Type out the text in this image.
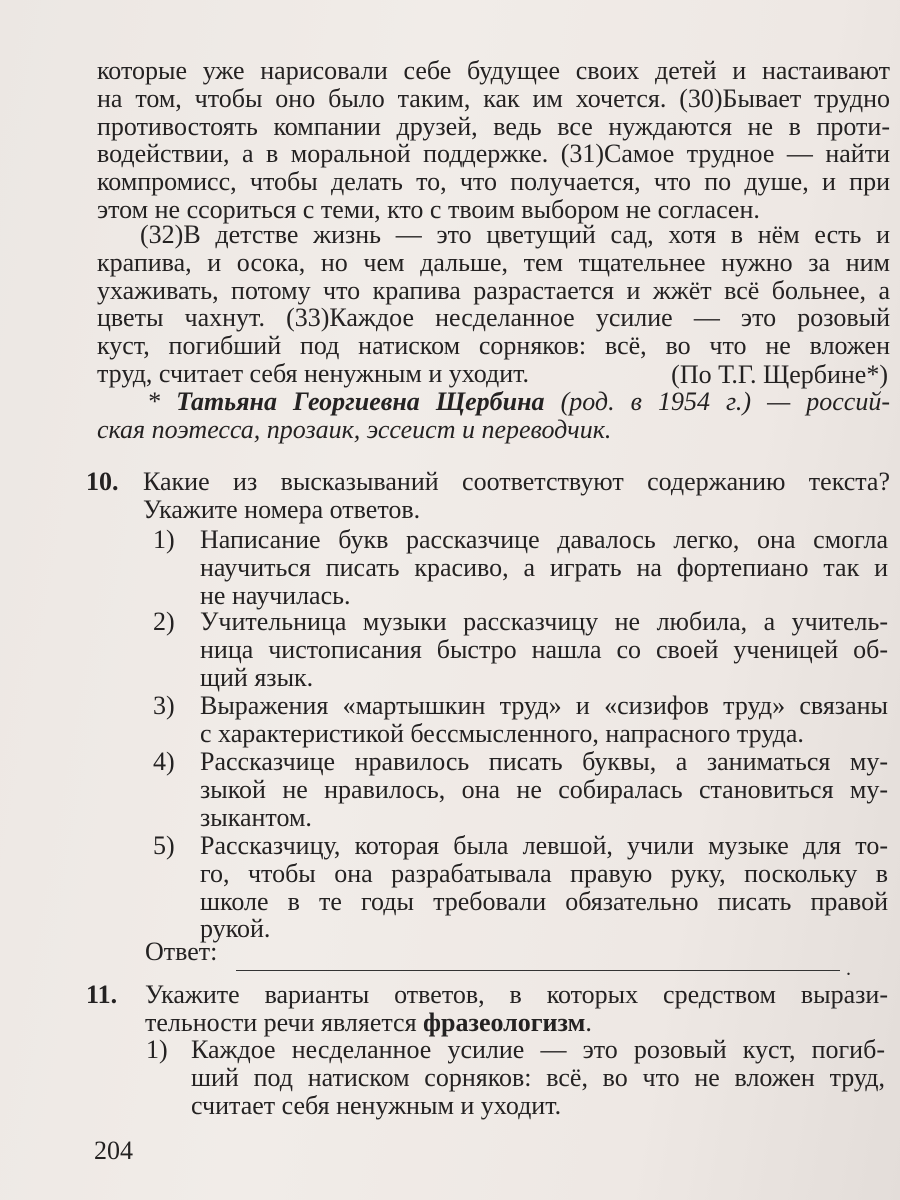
которые уже нарисовали себе будущее своих детей и настаивают
на том, чтобы оно было таким, как им хочется. (30)Бывает трудно
противостоять компании друзей, ведь все нуждаются не в проти-
водействии, а в моральной поддержке. (31)Самое трудное — найти
компромисс, чтобы делать то, что получается, что по душе, и при
этом не ссориться с теми, кто с твоим выбором не согласен.
(32)В детстве жизнь — это цветущий сад, хотя в нём есть и
крапива, и осока, но чем дальше, тем тщательнее нужно за ним
ухаживать, потому что крапива разрастается и жжёт всё больнее, а
цветы чахнут. (33)Каждое несделанное усилие — это розовый
куст, погибший под натиском сорняков: всё, во что не вложен
труд, считает себя ненужным и уходит.	(По Т.Г. Щербине*)
* Татьяна Георгиевна Щербина (род. в 1954 г.) — россий-
ская поэтесса, прозаик, эссеист и переводчик.
10. Какие из высказываний соответствуют содержанию текста?
Укажите номера ответов.
1) Написание букв рассказчице давалось легко, она смогла
научиться писать красиво, а играть на фортепиано так и
не научилась.
2) Учительница музыки рассказчицу не любила, а учитель-
ница чистописания быстро нашла со своей ученицей об-
щий язык.
3) Выражения «мартышкин труд» и «сизифов труд» связаны
с характеристикой бессмысленного, напрасного труда.
4) Рассказчице нравилось писать буквы, а заниматься му-
зыкой не нравилось, она не собиралась становиться му-
зыкантом.
5) Рассказчицу, которая была левшой, учили музыке для то-
го, чтобы она разрабатывала правую руку, поскольку в
школе в те годы требовали обязательно писать правой
рукой.
Ответ:
.
11. Укажите варианты ответов, в которых средством вырази-
тельности речи является фразеологизм.
1) Каждое несделанное усилие — это розовый куст, погиб-
ший под натиском сорняков: всё, во что не вложен труд,
считает себя ненужным и уходит.
204
